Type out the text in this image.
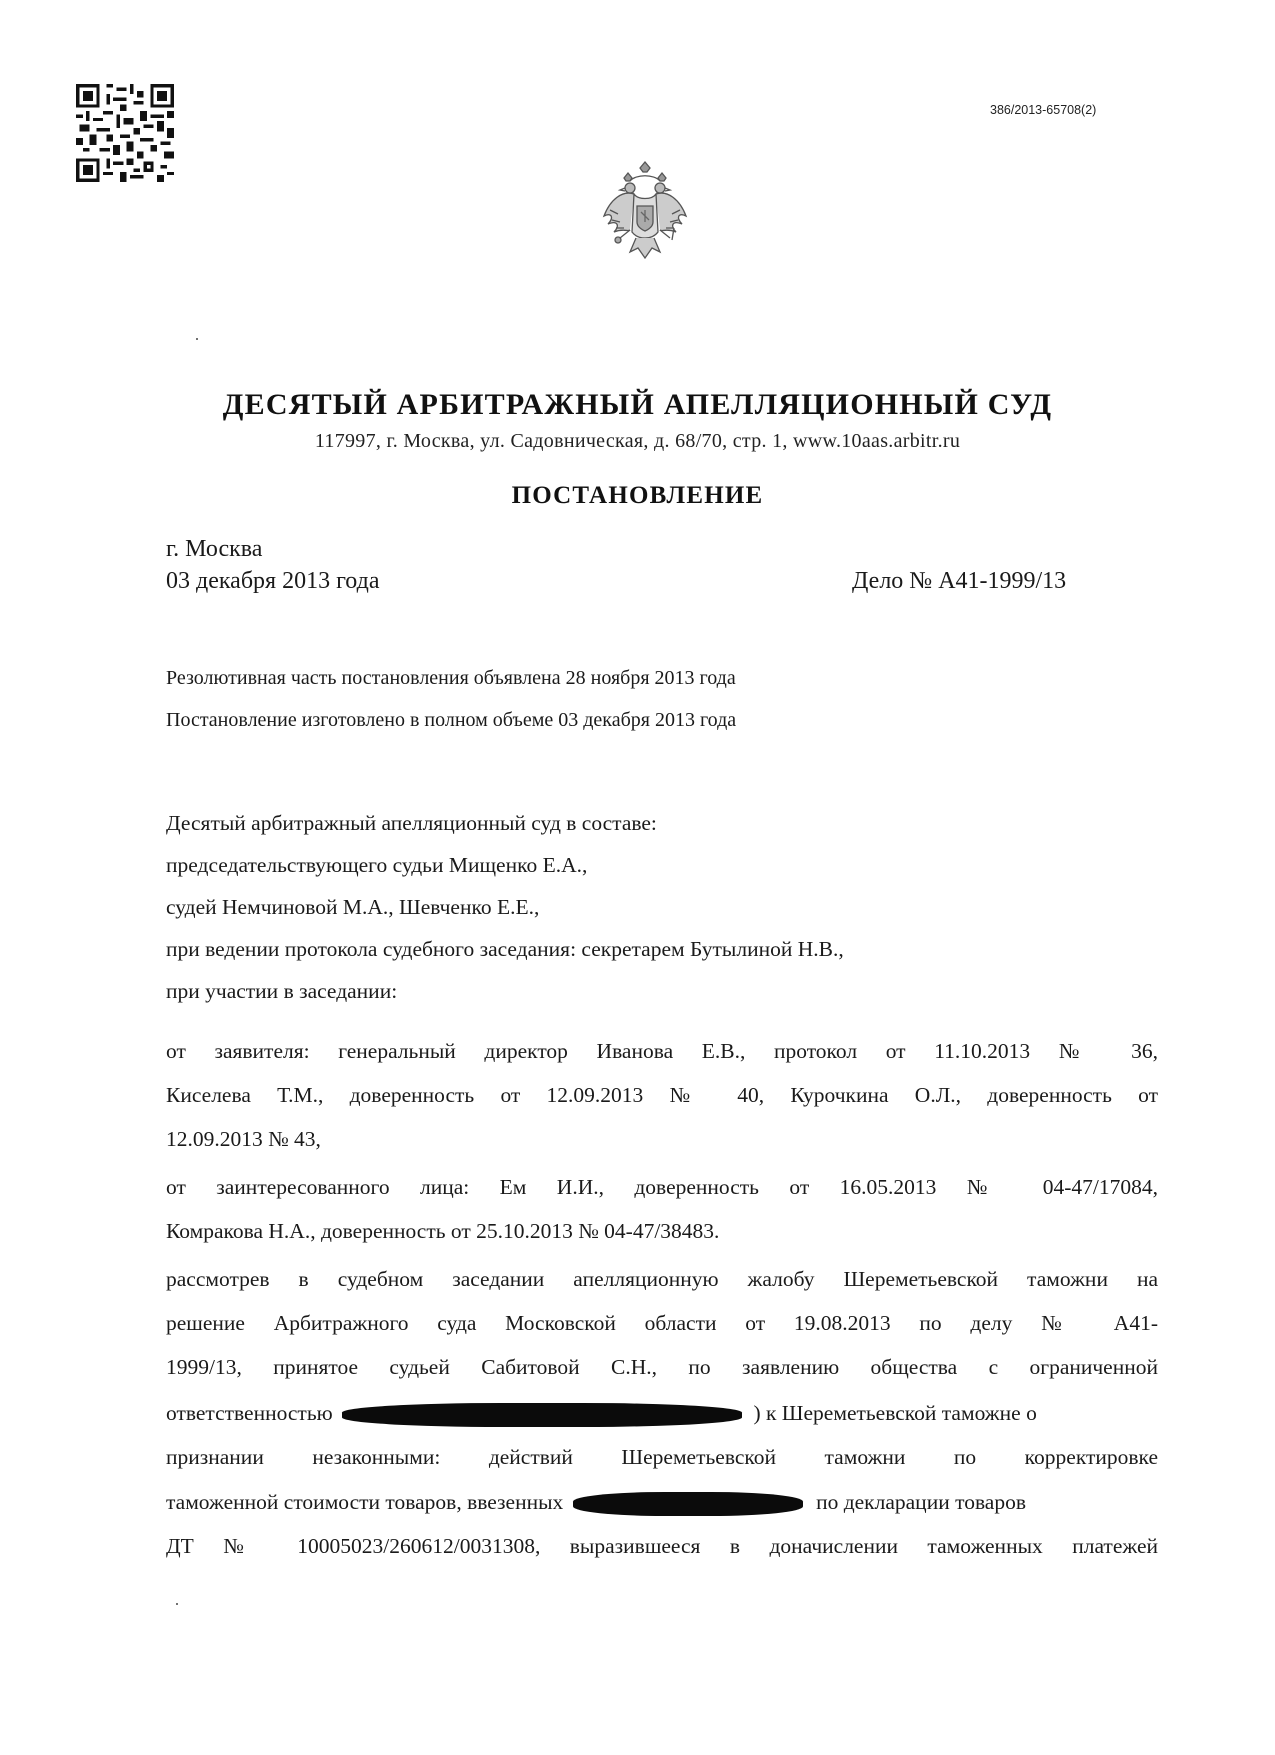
386/2013-65708(2)
ДЕСЯТЫЙ АРБИТРАЖНЫЙ АПЕЛЛЯЦИОННЫЙ СУД
117997, г. Москва, ул. Садовническая, д. 68/70, стр. 1, www.10aas.arbitr.ru
ПОСТАНОВЛЕНИЕ
г. Москва
03 декабря 2013 года	Дело № А41-1999/13
Резолютивная часть постановления объявлена 28 ноября 2013 года
Постановление изготовлено в полном объеме 03 декабря 2013 года
Десятый арбитражный апелляционный суд в составе:
председательствующего судьи Мищенко Е.А.,
судей Немчиновой М.А., Шевченко Е.Е.,
при ведении протокола судебного заседания: секретарем Бутылиной Н.В.,
при участии в заседании:
от заявителя: генеральный директор Иванова Е.В., протокол от 11.10.2013 № 36,
Киселева Т.М., доверенность от 12.09.2013 № 40, Курочкина О.Л., доверенность от
12.09.2013 № 43,
от заинтересованного лица: Ем И.И., доверенность от 16.05.2013 № 04-47/17084,
Комракова Н.А., доверенность от 25.10.2013 № 04-47/38483.
рассмотрев в судебном заседании апелляционную жалобу Шереметьевской таможни на
решение Арбитражного суда Московской области от 19.08.2013 по делу № А41-
1999/13, принятое судьей Сабитовой С.Н., по заявлению общества с ограниченной
ответственностью	) к Шереметьевской таможне о
признании незаконными: действий Шереметьевской таможни по корректировке
таможенной стоимости товаров, ввезенных	по декларации товаров
ДТ № 10005023/260612/0031308, выразившееся в доначислении таможенных платежей
